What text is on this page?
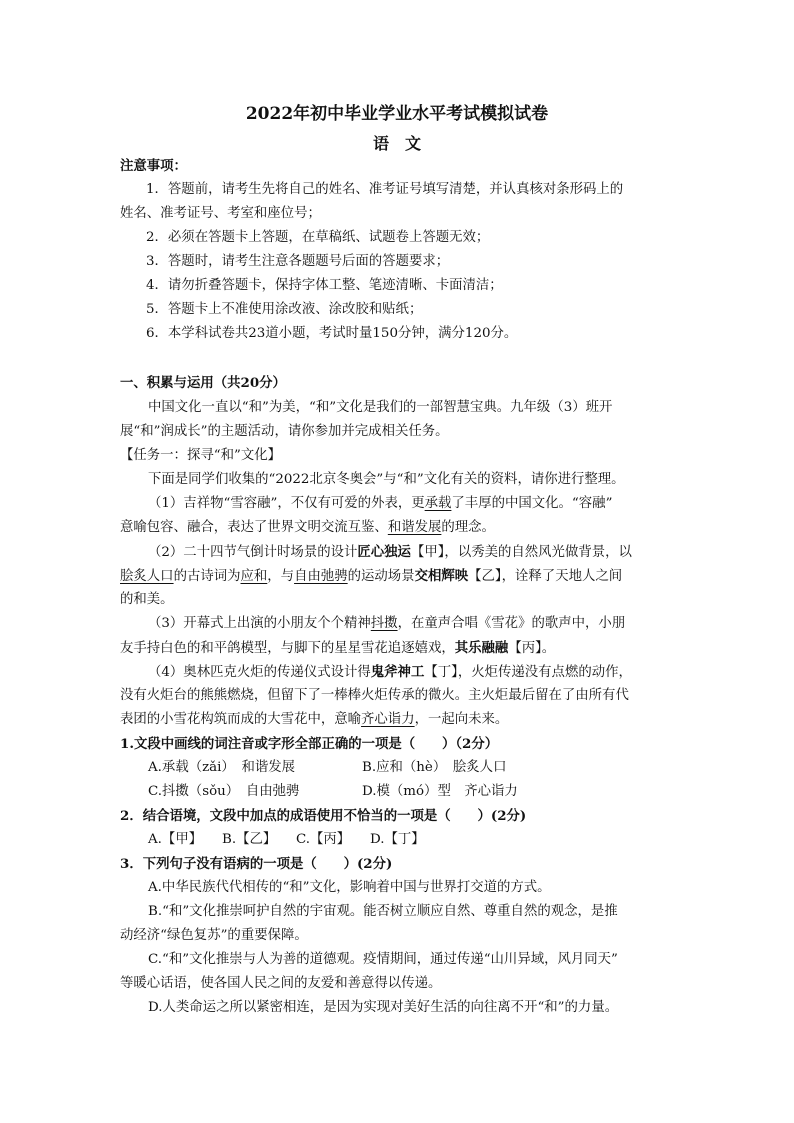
2022年初中毕业学业水平考试模拟试卷
语　文
注意事项：
1．答题前，请考生先将自己的姓名、准考证号填写清楚，并认真核对条形码上的
姓名、准考证号、考室和座位号；
2．必须在答题卡上答题，在草稿纸、试题卷上答题无效；
3．答题时，请考生注意各题题号后面的答题要求；
4．请勿折叠答题卡，保持字体工整、笔迹清晰、卡面清洁；
5．答题卡上不准使用涂改液、涂改胶和贴纸；
6．本学科试卷共23道小题，考试时量150分钟，满分120分。
一、积累与运用（共20分）
中国文化一直以“和”为美，“和”文化是我们的一部智慧宝典。九年级（3）班开
展“和”润成长”的主题活动，请你参加并完成相关任务。
【任务一：探寻“和”文化】
下面是同学们收集的“2022北京冬奥会”与“和”文化有关的资料，请你进行整理。
（1）吉祥物“雪容融”，不仅有可爱的外表，更承载了丰厚的中国文化。“容融”
意喻包容、融合，表达了世界文明交流互鉴、和谐发展的理念。
（2）二十四节气倒计时场景的设计匠心独运【甲】，以秀美的自然风光做背景，以
脍炙人口的古诗词为应和，与自由弛骋的运动场景交相辉映【乙】，诠释了天地人之间
的和美。
（3）开幕式上出演的小朋友个个精神抖擞，在童声合唱《雪花》的歌声中，小朋
友手持白色的和平鸽模型，与脚下的星星雪花追逐嬉戏，其乐融融【丙】。
（4）奥林匹克火炬的传递仪式设计得鬼斧神工【丁】，火炬传递没有点燃的动作，
没有火炬台的熊熊燃烧，但留下了一棒棒火炬传承的微火。主火炬最后留在了由所有代
表团的小雪花构筑而成的大雪花中，意喻齐心诣力，一起向未来。
1.文段中画线的词注音或字形全部正确的一项是（　　）（2分）
A.承载（zǎi）　和谐发展	B.应和（hè）　脍炙人口
C.抖擞（sǒu）　自由弛骋	D.模（mó）型　齐心诣力
2．结合语境，文段中加点的成语使用不恰当的一项是（　　）(2分)
A.【甲】 B.【乙】 C.【丙】 D.【丁】
3．下列句子没有语病的一项是（　　）(2分)
A.中华民族代代相传的“和”文化，影响着中国与世界打交道的方式。
B.“和”文化推崇呵护自然的宇宙观。能否树立顺应自然、尊重自然的观念，是推
动经济“绿色复苏”的重要保障。
C.“和”文化推崇与人为善的道德观。疫情期间，通过传递“山川异域，风月同天”
等暖心话语，使各国人民之间的友爱和善意得以传递。
D.人类命运之所以紧密相连，是因为实现对美好生活的向往离不开“和”的力量。
